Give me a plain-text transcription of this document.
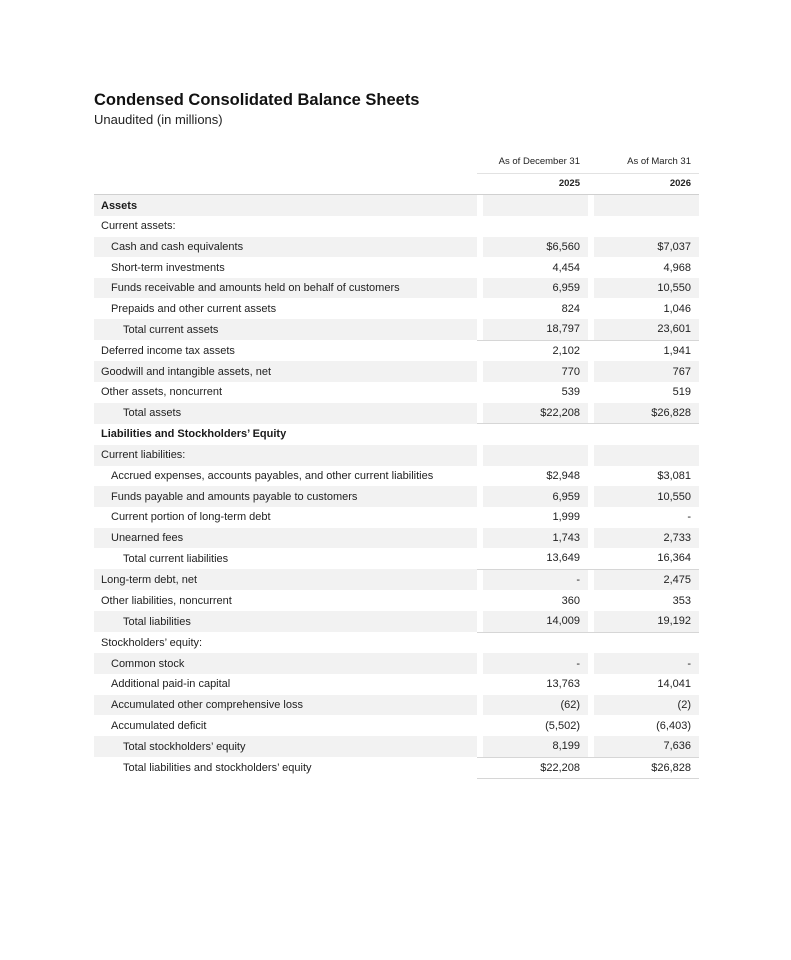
Condensed Consolidated Balance Sheets
Unaudited (in millions)
	As of December 31	As of March 31
	2025	2026
Assets		
Current assets:		
Cash and cash equivalents	$6,560	$7,037
Short-term investments	4,454	4,968
Funds receivable and amounts held on behalf of customers	6,959	10,550
Prepaids and other current assets	824	1,046
Total current assets	18,797	23,601
Deferred income tax assets	2,102	1,941
Goodwill and intangible assets, net	770	767
Other assets, noncurrent	539	519
Total assets	$22,208	$26,828
Liabilities and Stockholders’ Equity		
Current liabilities:		
Accrued expenses, accounts payables, and other current liabilities	$2,948	$3,081
Funds payable and amounts payable to customers	6,959	10,550
Current portion of long-term debt	1,999	-
Unearned fees	1,743	2,733
Total current liabilities	13,649	16,364
Long-term debt, net	-	2,475
Other liabilities, noncurrent	360	353
Total liabilities	14,009	19,192
Stockholders’ equity:		
Common stock	-	-
Additional paid-in capital	13,763	14,041
Accumulated other comprehensive loss	(62)	(2)
Accumulated deficit	(5,502)	(6,403)
Total stockholders’ equity	8,199	7,636
Total liabilities and stockholders’ equity	$22,208	$26,828
